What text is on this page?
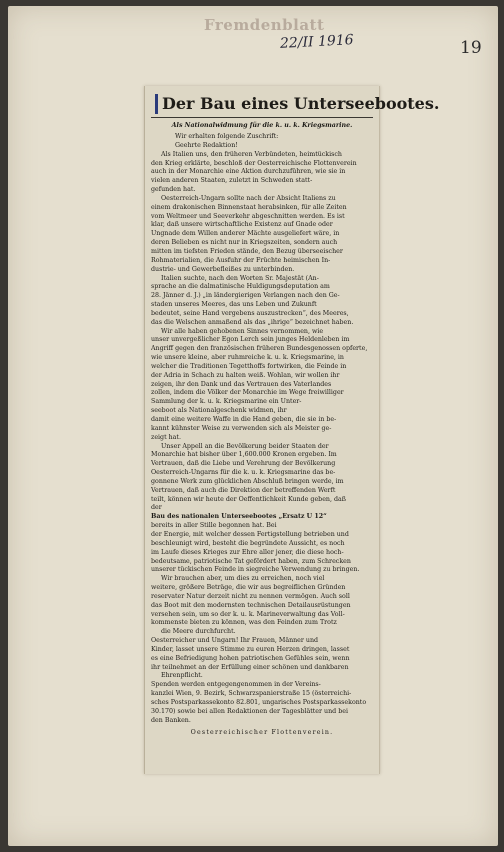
Fremdenblatt
22/II 1916	19
Der Bau eines Unterseebootes.
Als Nationalwidmung für die k. u. k. Kriegsmarine.
Wir erhalten folgende Zuschrift:
Geehrte Redaktion!
Als Italien uns, den früheren Verbündeten, heimtückisch
den Krieg erklärte, beschloß der Oesterreichische Flottenverein
auch in der Monarchie eine Aktion durchzuführen, wie sie in
vielen anderen Staaten, zuletzt in Schweden statt-
gefunden hat.
Oesterreich-Ungarn sollte nach der Absicht Italiens zu
einem drakonischen Binnenstaat herabsinken, für alle Zeiten
vom Weltmeer und Seeverkehr abgeschnitten werden. Es ist
klar, daß unsere wirtschaftliche Existenz auf Gnade oder
Ungnade dem Willen anderer Mächte ausgeliefert wäre, in
deren Belieben es nicht nur in Kriegszeiten, sondern auch
mitten im tiefsten Frieden stände, den Bezug überseeischer
Rohmaterialien, die Ausfuhr der Früchte heimischen In-
dustrie- und Gewerbefleißes zu unterbinden.
Italien suchte, nach den Worten Sr. Majestät (An-
sprache an die dalmatinische Huldigungsdeputation am
28. Jänner d. J.) „in ländergierigen Verlangen nach den Ge-
staden unseres Meeres, das uns Leben und Zukunft
bedeutet, seine Hand vergebens auszustrecken“, des Meeres,
das die Welschen anmaßend als das „ihrige“ bezeichnet haben.
Wir alle haben gehobenen Sinnes vernommen, wie
unser unvergeßlicher Egon Lerch sein junges Heldenleben im
Angriff gegen den französischen früheren Bundesgenossen opferte,
wie unsere kleine, aber ruhmreiche k. u. k. Kriegsmarine, in
welcher die Traditionen Tegetthoffs fortwirken, die Feinde in
der Adria in Schach zu halten weiß. Wohlan, wir wollen ihr
zeigen, ihr den Dank und das Vertrauen des Vaterlandes
zollen, indem die Völker der Monarchie im Wege freiwilliger
Sammlung der k. u. k. Kriegsmarine ein Unter-
seeboot als Nationalgeschenk widmen, ihr
damit eine weitere Waffe in die Hand geben, die sie in be-
kannt kühnster Weise zu verwenden sich als Meister ge-
zeigt hat.
Unser Appell an die Bevölkerung beider Staaten der
Monarchie hat bisher über 1,600.000 Kronen ergeben. Im
Vertrauen, daß die Liebe und Verehrung der Bevölkerung
Oesterreich-Ungarns für die k. u. k. Kriegsmarine das be-
gonnene Werk zum glücklichen Abschluß bringen werde, im
Vertrauen, daß auch die Direktion der betreffenden Werft
teilt, können wir heute der Oeffentlichkeit Kunde geben, daß
der
Bau des nationalen Unterseebootes „Ersatz U 12“
bereits in aller Stille begonnen hat. Bei
der Energie, mit welcher dessen Fertigstellung betrieben und
beschleunigt wird, besteht die begründete Aussicht, es noch
im Laufe dieses Krieges zur Ehre aller jener, die diese hoch-
bedeutsame, patriotische Tat gefördert haben, zum Schrecken
unserer tückischen Feinde in siegreiche Verwendung zu bringen.
Wir brauchen aber, um dies zu erreichen, noch viel
weitere, größere Beträge, die wir aus begreiflichen Gründen
reservater Natur derzeit nicht zu nennen vermögen. Auch soll
das Boot mit den modernsten technischen Detailausrüstungen
versehen sein, um so der k. u. k. Marineverwaltung das Voll-
kommenste bieten zu können, was den Feinden zum Trotz
die Meere durchfurcht.
Oesterreicher und Ungarn! Ihr Frauen, Männer und
Kinder, lasset unsere Stimme zu euren Herzen dringen, lasset
es eine Befriedigung hohen patriotischen Gefühles sein, wenn
ihr teilnehmet an der Erfüllung einer schönen und dankbaren
Ehrenpflicht.
Spenden werden entgegengenommen in der Vereins-
kanzlei Wien, 9. Bezirk, Schwarzspanierstraße 15 (österreichi-
sches Postsparkassekonto 82.801, ungarisches Postsparkassekonto
30.170) sowie bei allen Redaktionen der Tagesblätter und bei
den Banken.
Oesterreichischer Flottenverein.
